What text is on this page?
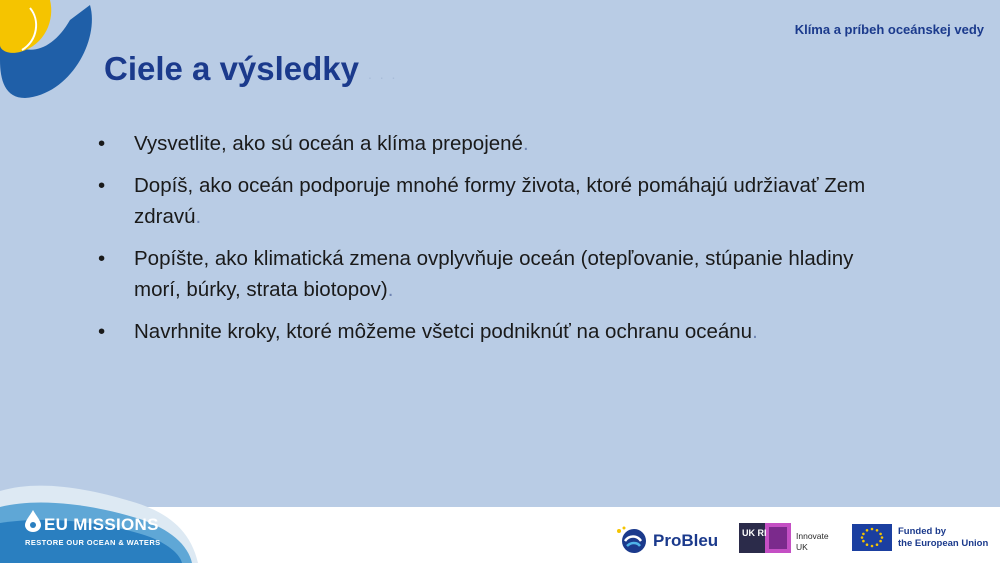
Klíma a príbeh oceánskej vedy
Ciele a výsledky . . .
• Vysvetlite, ako sú oceán a klíma prepojené.
• Dopíš, ako oceán podporuje mnohé formy života, ktoré pomáhajú udržiavať Zem zdravú.
• Popíšte, ako klimatická zmena ovplyvňuje oceán (otepľovanie, stúpanie hladiny morí, búrky, strata biotopov).
• Navrhnite kroky, ktoré môžeme všetci podniknúť na ochranu oceánu.
EU MISSIONS
RESTORE OUR OCEAN & WATERS	ProBleu	UK RI	Innovate
UK
Funded by
the European Union
